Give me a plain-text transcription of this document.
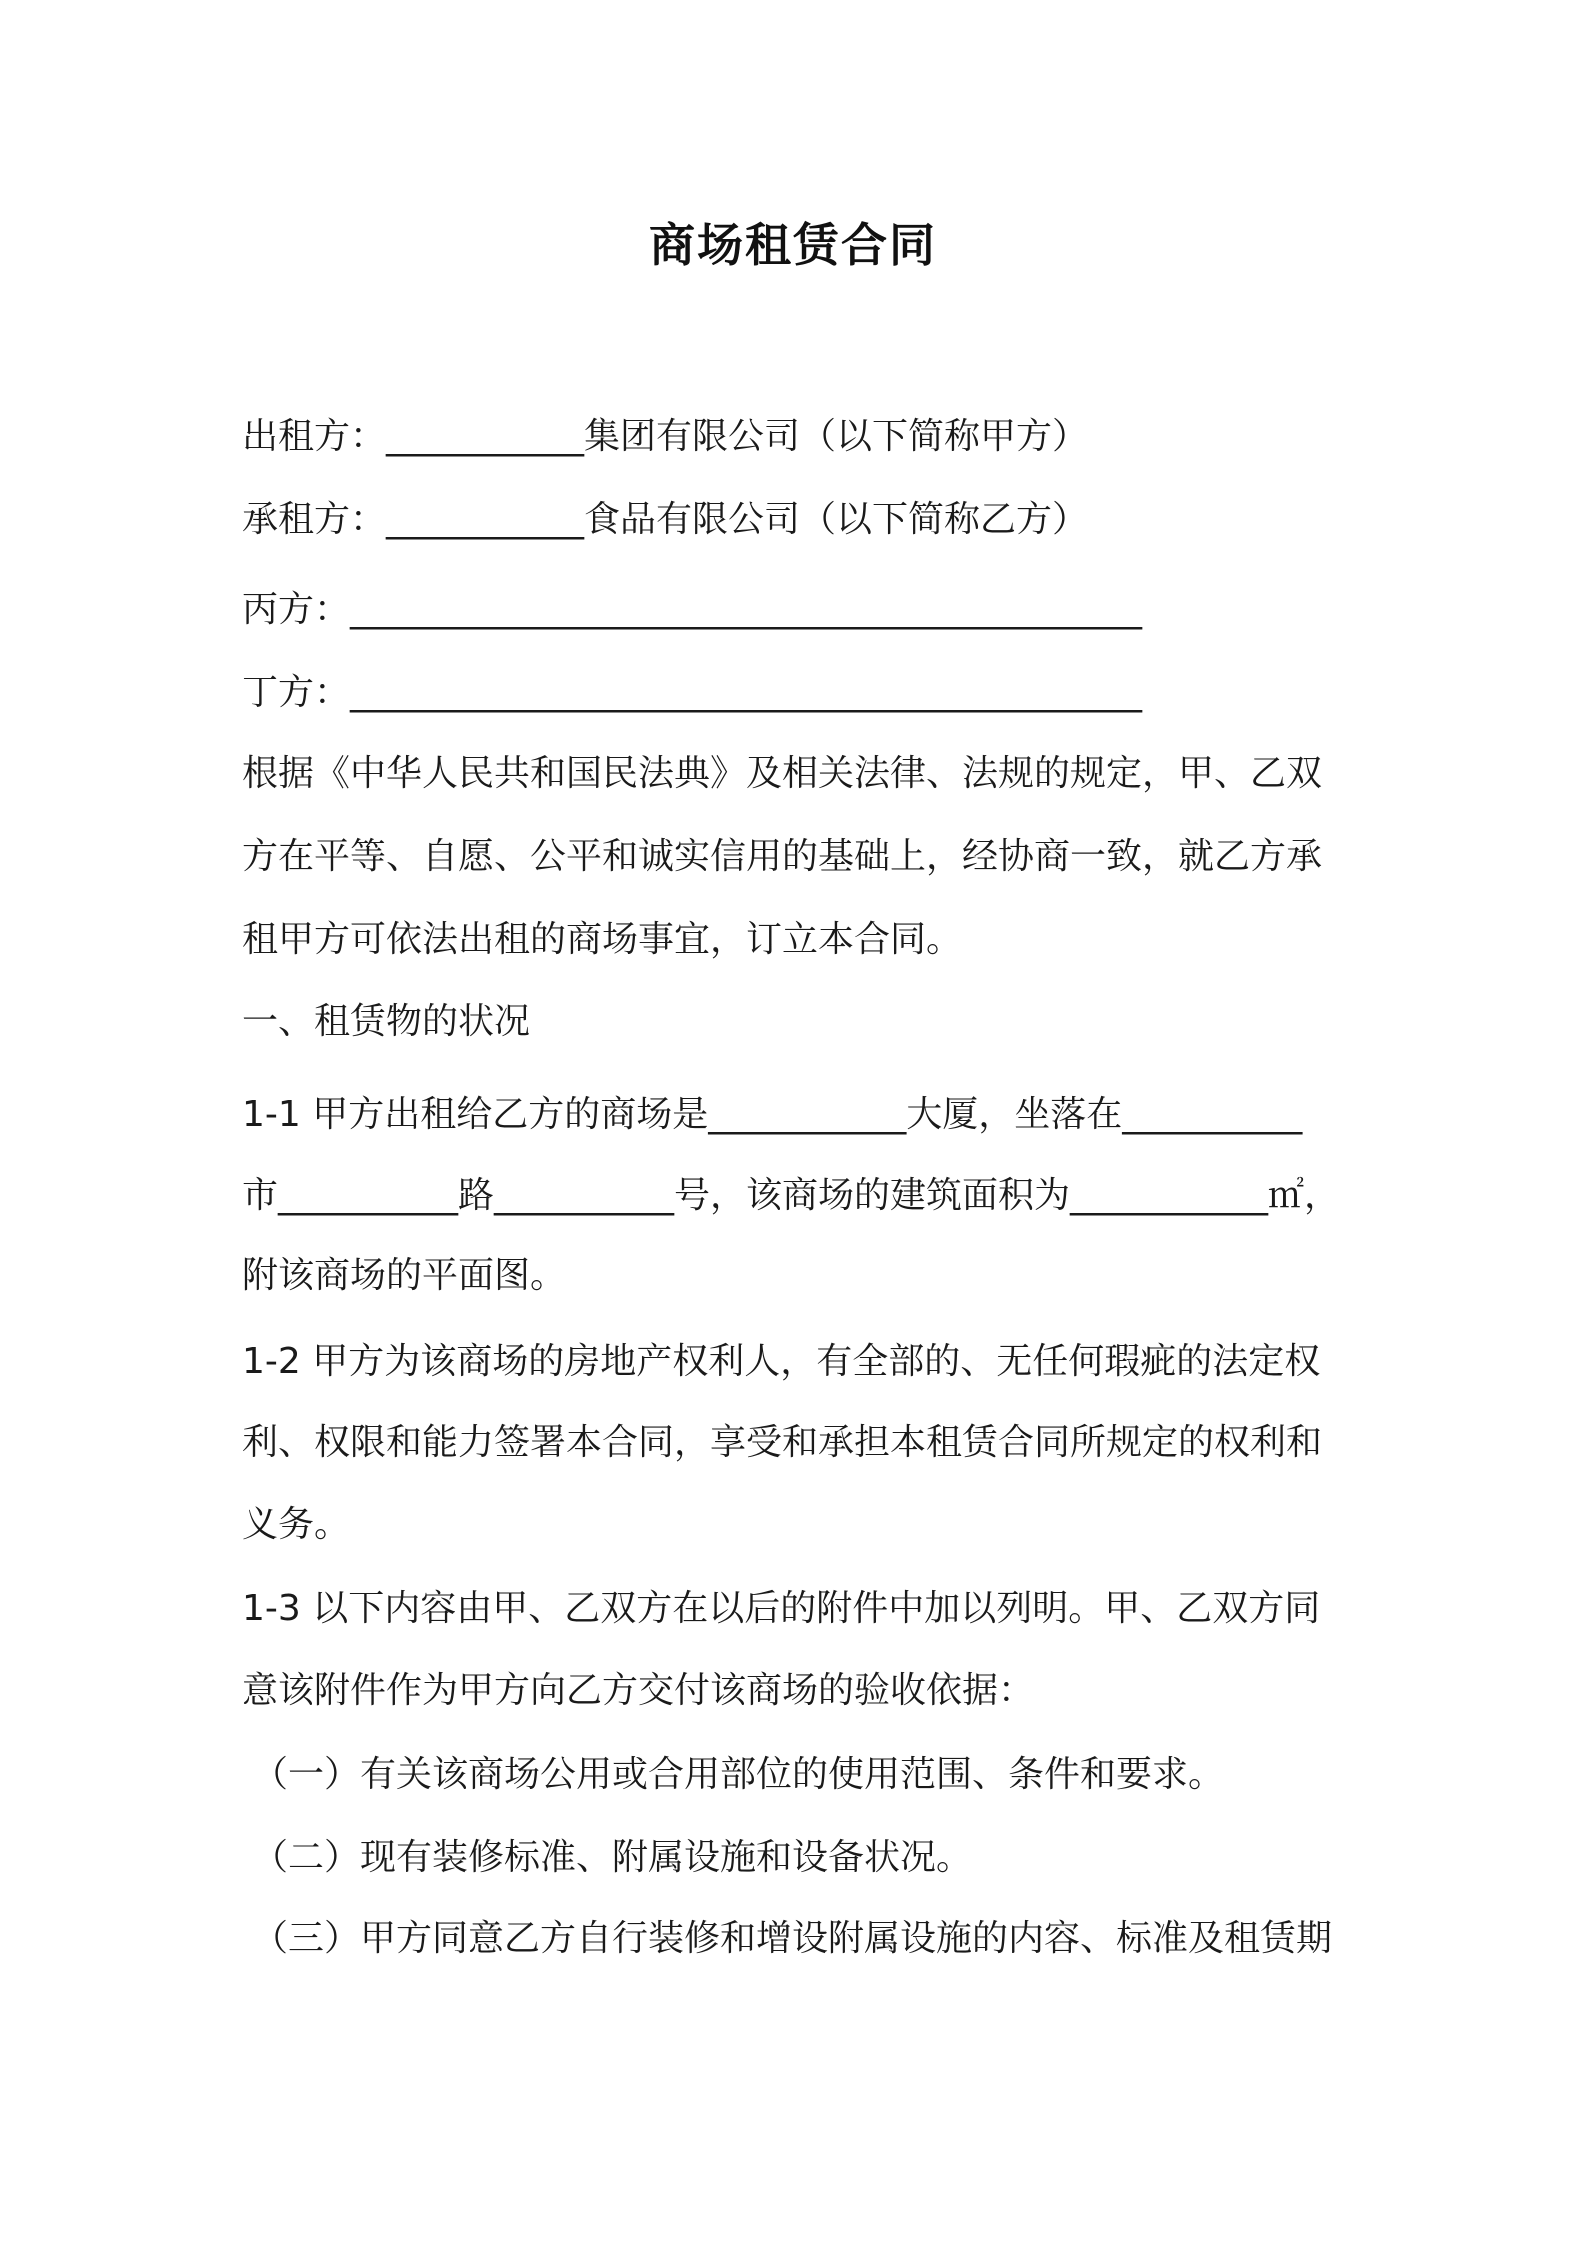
商场租赁合同
出租方：___________集团有限公司（以下简称甲方）
承租方：___________食品有限公司（以下简称乙方）
丙方：____________________________________________
丁方：____________________________________________
根据《中华人民共和国民法典》及相关法律、法规的规定，甲、乙双
方在平等、自愿、公平和诚实信用的基础上，经协商一致，就乙方承
租甲方可依法出租的商场事宜，订立本合同。
一、租赁物的状况
1-1 甲方出租给乙方的商场是___________大厦，坐落在__________
市__________路__________号，该商场的建筑面积为___________㎡，
附该商场的平面图。
1-2 甲方为该商场的房地产权利人，有全部的、无任何瑕疵的法定权
利、权限和能力签署本合同，享受和承担本租赁合同所规定的权利和
义务。
1-3 以下内容由甲、乙双方在以后的附件中加以列明。甲、乙双方同
意该附件作为甲方向乙方交付该商场的验收依据：
（一）有关该商场公用或合用部位的使用范围、条件和要求。
（二）现有装修标准、附属设施和设备状况。
（三）甲方同意乙方自行装修和增设附属设施的内容、标准及租赁期
